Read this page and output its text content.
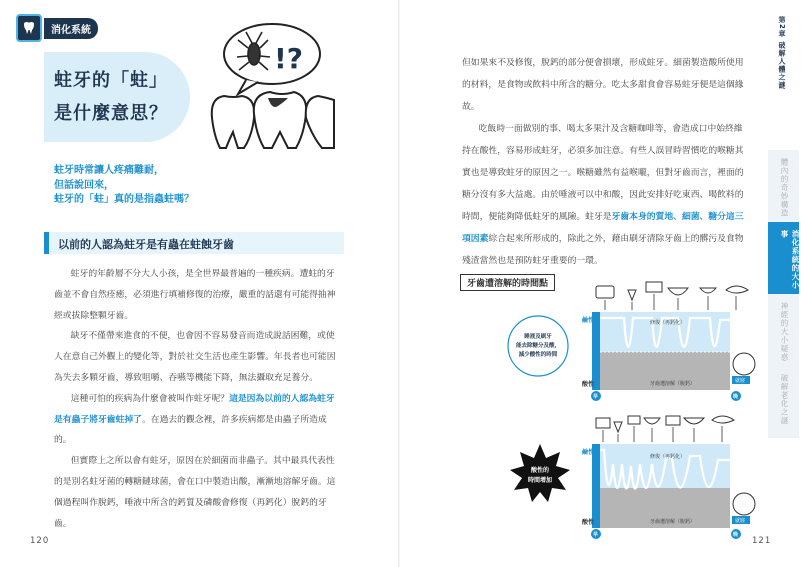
消化系統
蛀牙的「蛀」
是什麼意思？
!?
蛀牙時常讓人疼痛難耐，
但話說回來，
蛀牙的「蛀」真的是指蟲蛀嗎？
以前的人認為蛀牙是有蟲在蛀蝕牙齒

蛀牙的年齡層不分大人小孩，是全世界最普遍的一種疾病。遭蛀的牙齒並不會自然痊癒，必須進行填補修復的治療，嚴重的話還有可能得抽神經或拔除整顆牙齒。

缺牙不僅帶來進食的不便，也會因不容易發音而造成說話困難，或使人在意自己外觀上的變化等，對於社交生活也產生影響。年長者也可能因為失去多顆牙齒，導致咀嚼、吞嚥等機能下降，無法攝取充足養分。

這種可怕的疾病為什麼會被叫作蛀牙呢？這是因為以前的人認為蛀牙是有蟲子將牙齒蛀掉了。在過去的觀念裡，許多疾病都是由蟲子所造成的。

但實際上之所以會有蛀牙，原因在於細菌而非蟲子。其中最具代表性的是別名蛀牙菌的轉糖鏈球菌，會在口中製造出酸，漸漸地溶解牙齒。這個過程叫作脫鈣，唾液中所含的鈣質及磷酸會修復（再鈣化）脫鈣的牙齒。

120

但如果來不及修復，脫鈣的部分便會損壞，形成蛀牙。細菌製造酸所使用的材料，是食物或飲料中所含的糖分。吃太多甜食會容易蛀牙便是這個緣故。

吃飯時一面做別的事、喝太多果汁及含糖咖啡等，會造成口中始終維持在酸性，容易形成蛀牙，必須多加注意。有些人誤冒時習慣吃的喉糖其實也是導致蛀牙的原因之一。喉糖雖然有益喉嚨，但對牙齒而言，裡面的糖分沒有多大益處。由於唾液可以中和酸，因此安排好吃東西、喝飲料的時間，便能夠降低蛀牙的風險。蛀牙是牙齒本身的質地、細菌、糖分這三項因素綜合起來所形成的，除此之外，藉由刷牙清除牙齒上的髒污及食物殘渣當然也是預防蛀牙重要的一環。

牙齒遭溶解的時間點
修復（再鈣化）
牙齒遭溶解（脫鈣）
鹼性
酸性
早	晚
睡液及刷牙
能去除糖分及酸，
減少酸性的時間
就寢
修復（再鈣化）
牙齒遭溶解（脫鈣）
鹼性
酸性
早	晚
酸性的
時間增加
就寢
第2章 破解人體之謎
體內的奇妙構造
消化系統的大小事
神經的大小疑惑
破解老化之謎
121
